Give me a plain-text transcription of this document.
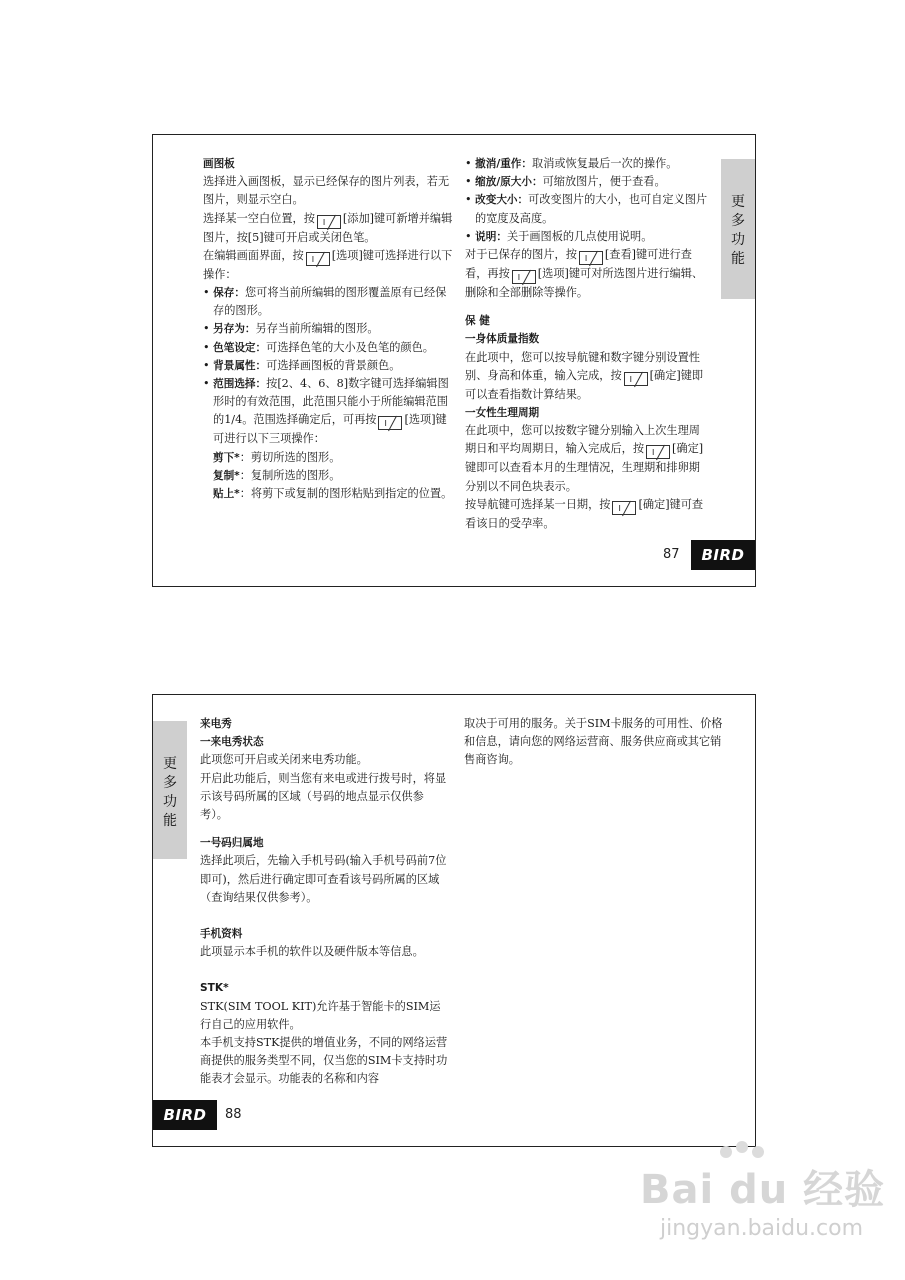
画图板

选择进入画图板，显示已经保存的图片列表，若无图片，则显示空白。

选择某一空白位置，按 I [添加]键可新增并编辑图片，按[5]键可开启或关闭色笔。

在编辑画面界面，按 I [选项]键可选择进行以下操作：

• 保存：您可将当前所编辑的图形覆盖原有已经保存的图形。

• 另存为：另存当前所编辑的图形。

• 色笔设定：可选择色笔的大小及色笔的颜色。

• 背景属性：可选择画图板的背景颜色。

• 范围选择：按[2、4、6、8]数字键可选择编辑图形时的有效范围，此范围只能小于所能编辑范围的1/4。范围选择确定后，可再按 I [选项]键可进行以下三项操作：

剪下*：剪切所选的图形。

复制*：复制所选的图形。

贴上*：将剪下或复制的图形粘贴到指定的位置。

• 撤消/重作：取消或恢复最后一次的操作。

• 缩放/原大小：可缩放图片，便于查看。

• 改变大小：可改变图片的大小，也可自定义图片的宽度及高度。

• 说明：关于画图板的几点使用说明。

对于已保存的图片，按 I [查看]键可进行查看，再按 I [选项]键可对所选图片进行编辑、删除和全部删除等操作。

保 健

一身体质量指数

在此项中，您可以按导航键和数字键分别设置性别、身高和体重，输入完成，按 I [确定]键即可以查看指数计算结果。

一女性生理周期

在此项中，您可以按数字键分别输入上次生理周期日和平均周期日，输入完成后，按 I [确定]键即可以查看本月的生理情况，生理期和排卵期分别以不同色块表示。

按导航键可选择某一日期，按 I [确定]键可查看该日的受孕率。

更
多
功
能
87	BIRD
更
多
功
能

来电秀

一来电秀状态

此项您可开启或关闭来电秀功能。

开启此功能后，则当您有来电或进行拨号时，将显示该号码所属的区域（号码的地点显示仅供参考）。

一号码归属地

选择此项后，先输入手机号码(输入手机号码前7位即可)，然后进行确定即可查看该号码所属的区域（查询结果仅供参考）。

手机资料

此项显示本手机的软件以及硬件版本等信息。

STK*

STK(SIM TOOL KIT)允许基于智能卡的SIM运行自己的应用软件。

本手机支持STK提供的增值业务，不同的网络运营商提供的服务类型不同，仅当您的SIM卡支持时功能表才会显示。功能表的名称和内容

取决于可用的服务。关于SIM卡服务的可用性、价格和信息，请向您的网络运营商、服务供应商或其它销售商咨询。

BIRD	88
Bai du 经验
jingyan.baidu.com
